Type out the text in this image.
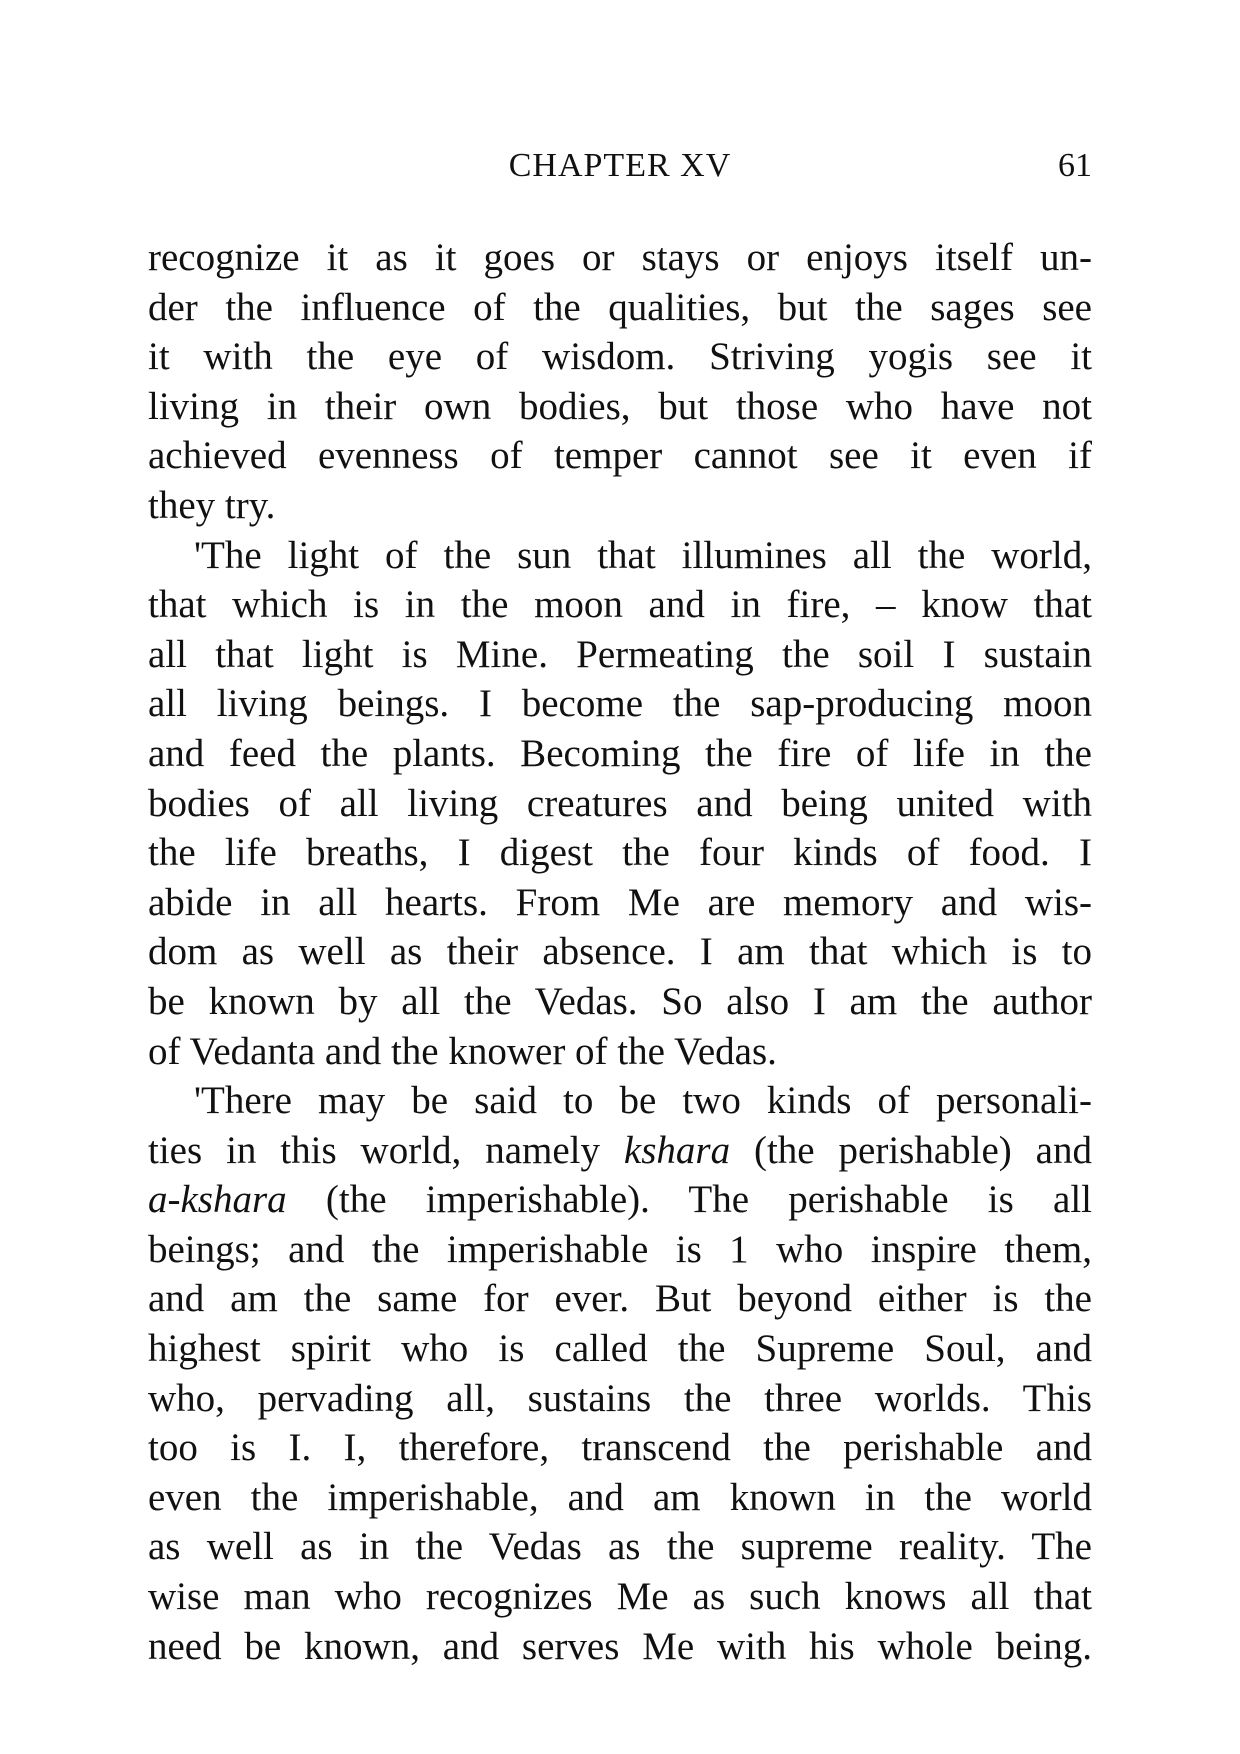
CHAPTER XV	61
recognize it as it goes or stays or enjoys itself un-
der the influence of the qualities, but the sages see
it with the eye of wisdom. Striving yogis see it
living in their own bodies, but those who have not
achieved evenness of temper cannot see it even if
they try.
'The light of the sun that illumines all the world,
that which is in the moon and in fire, – know that
all that light is Mine. Permeating the soil I sustain
all living beings. I become the sap-producing moon
and feed the plants. Becoming the fire of life in the
bodies of all living creatures and being united with
the life breaths, I digest the four kinds of food. I
abide in all hearts. From Me are memory and wis-
dom as well as their absence. I am that which is to
be known by all the Vedas. So also I am the author
of Vedanta and the knower of the Vedas.
'There may be said to be two kinds of personali-
ties in this world, namely kshara (the perishable) and
a-kshara (the imperishable). The perishable is all
beings; and the imperishable is 1 who inspire them,
and am the same for ever. But beyond either is the
highest spirit who is called the Supreme Soul, and
who, pervading all, sustains the three worlds. This
too is I. I, therefore, transcend the perishable and
even the imperishable, and am known in the world
as well as in the Vedas as the supreme reality. The
wise man who recognizes Me as such knows all that
need be known, and serves Me with his whole being.
